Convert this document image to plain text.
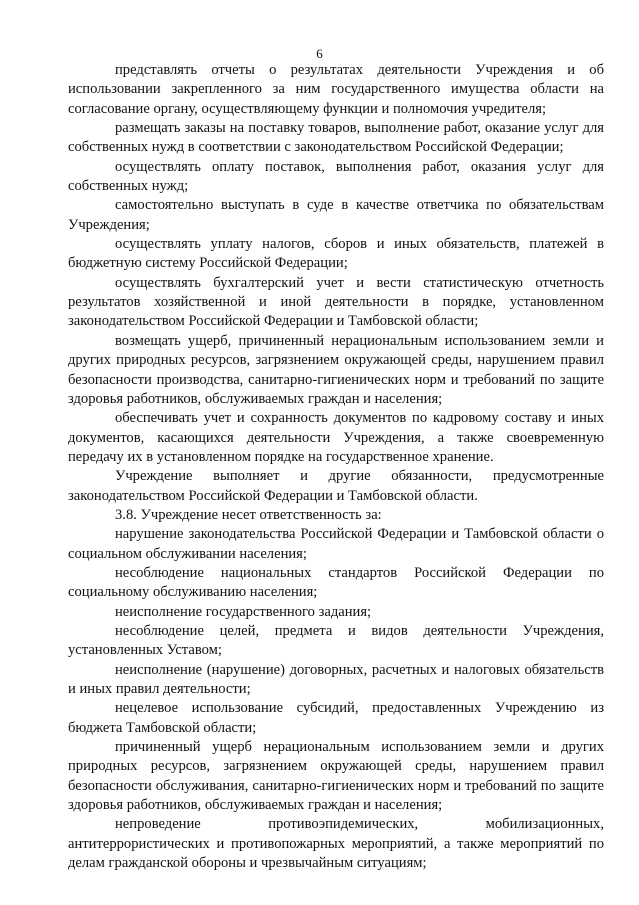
6

представлять отчеты о результатах деятельности Учреждения и об использовании закрепленного за ним государственного имущества области на согласование органу, осуществляющему функции и полномочия учредителя;

размещать заказы на поставку товаров, выполнение работ, оказание услуг для собственных нужд в соответствии с законодательством Российской Федерации;

осуществлять оплату поставок, выполнения работ, оказания услуг для собственных нужд;

самостоятельно выступать в суде в качестве ответчика по обязательствам Учреждения;

осуществлять уплату налогов, сборов и иных обязательств, платежей в бюджетную систему Российской Федерации;

осуществлять бухгалтерский учет и вести статистическую отчетность результатов хозяйственной и иной деятельности в порядке, установленном законодательством Российской Федерации и Тамбовской области;

возмещать ущерб, причиненный нерациональным использованием земли и других природных ресурсов, загрязнением окружающей среды, нарушением правил безопасности производства, санитарно-гигиенических норм и требований по защите здоровья работников, обслуживаемых граждан и населения;

обеспечивать учет и сохранность документов по кадровому составу и иных документов, касающихся деятельности Учреждения, а также своевременную передачу их в установленном порядке на государственное хранение.

Учреждение выполняет и другие обязанности, предусмотренные законодательством Российской Федерации и Тамбовской области.

3.8. Учреждение несет ответственность за:

нарушение законодательства Российской Федерации и Тамбовской области о социальном обслуживании населения;

несоблюдение национальных стандартов Российской Федерации по социальному обслуживанию населения;

неисполнение государственного задания;

несоблюдение целей, предмета и видов деятельности Учреждения, установленных Уставом;

неисполнение (нарушение) договорных, расчетных и налоговых обязательств и иных правил деятельности;

нецелевое использование субсидий, предоставленных Учреждению из бюджета Тамбовской области;

причиненный ущерб нерациональным использованием земли и других природных ресурсов, загрязнением окружающей среды, нарушением правил безопасности обслуживания, санитарно-гигиенических норм и требований по защите здоровья работников, обслуживаемых граждан и населения;

непроведение противоэпидемических, мобилизационных, антитеррористических и противопожарных мероприятий, а также мероприятий по делам гражданской обороны и чрезвычайным ситуациям;
